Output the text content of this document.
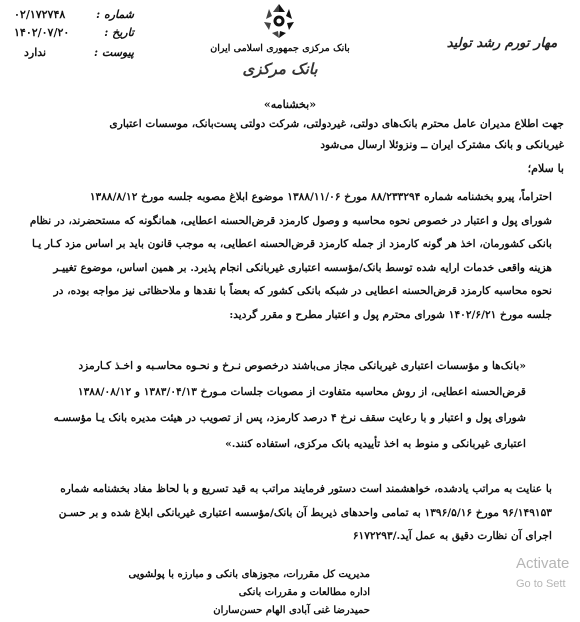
شماره :
۰۲/۱۷۲۷۴۸
تاریخ :
۱۴۰۲/۰۷/۲۰
پیوست :
ندارد	بانک مرکزی جمهوری اسلامی ایران
بانک مرکزی
مهار تورم رشد تولید
«بخشنامه»
جهت اطلاع مدیران عامل محترم بانک‌های دولتی، غیردولتی، شرکت دولتی پست‌بانک، موسسات اعتباری
غیربانکی و بانک مشترک ایران ــ ونزوئلا ارسال می‌شود
با سلام؛
احتراماً، پیرو بخشنامه شماره ۸۸/۲۳۳۲۹۴ مورخ ۱۳۸۸/۱۱/۰۶ موضوع ابلاغ مصوبه جلسه مورخ ۱۳۸۸/۸/۱۲
شورای پول و اعتبار در خصوص نحوه محاسبه و وصول کارمزد قرض‌الحسنه اعطایی، همانگونه که مستحضرند، در نظام
بانکی کشورمان، اخذ هر گونه کارمزد از جمله کارمزد قرض‌الحسنه اعطایی، به موجب قانون باید بر اساس مزد کـار یـا
هزینه واقعی خدمات ارایه شده توسط بانک/مؤسسه اعتباری غیربانکی انجام پذیرد. بر همین اساس، موضوع تغییـر
نحوه محاسبه کارمزد قرض‌الحسنه اعطایی در شبکه بانکی کشور که بعضاً با نقدها و ملاحظاتی نیز مواجه بوده، در
جلسه مورخ ۱۴۰۲/۶/۲۱ شورای محترم پول و اعتبار مطرح و مقرر گردید:
«بانک‌ها و مؤسسات اعتباری غیربانکی مجاز می‌باشند در‌خصوص نـرخ و نحـوه محاسـبه و اخـذ کـارمزد
قرض‌الحسنه اعطایی، از روش محاسبه متفاوت از مصوبات جلسات مـورخ ۱۳۸۳/۰۴/۱۳ و ۱۳۸۸/۰۸/۱۲
شورای پول و اعتبار و با رعایت سقف نرخ ۴ درصد کارمزد، پس از تصویب در هیئت مدیره بانک یـا مؤسسـه
اعتباری غیربانکی و منوط به اخذ تأییدیه بانک مرکزی، استفاده کنند.»
با عنایت به مراتب یادشده، خواهشمند است دستور فرمایند مراتب به قید تسریع و با لحاظ مفاد بخشنامه شماره
۹۶/۱۴۹۱۵۳ مورخ ۱۳۹۶/۵/۱۶ به تمامی واحدهای ذیربط آن بانک/مؤسسه اعتباری غیربانکی ابلاغ شده و بر حسـن
اجرای آن نظارت دقیق به عمل آید./۶۱۷۲۲۹۳
مدیریت کل مقررات، مجوزهای بانکی و مبارزه با پولشویی
اداره مطالعات و مقررات بانکی
حمیدرضا غنی آبادی الهام حسن‌ساران
Activate
Go to Sett
